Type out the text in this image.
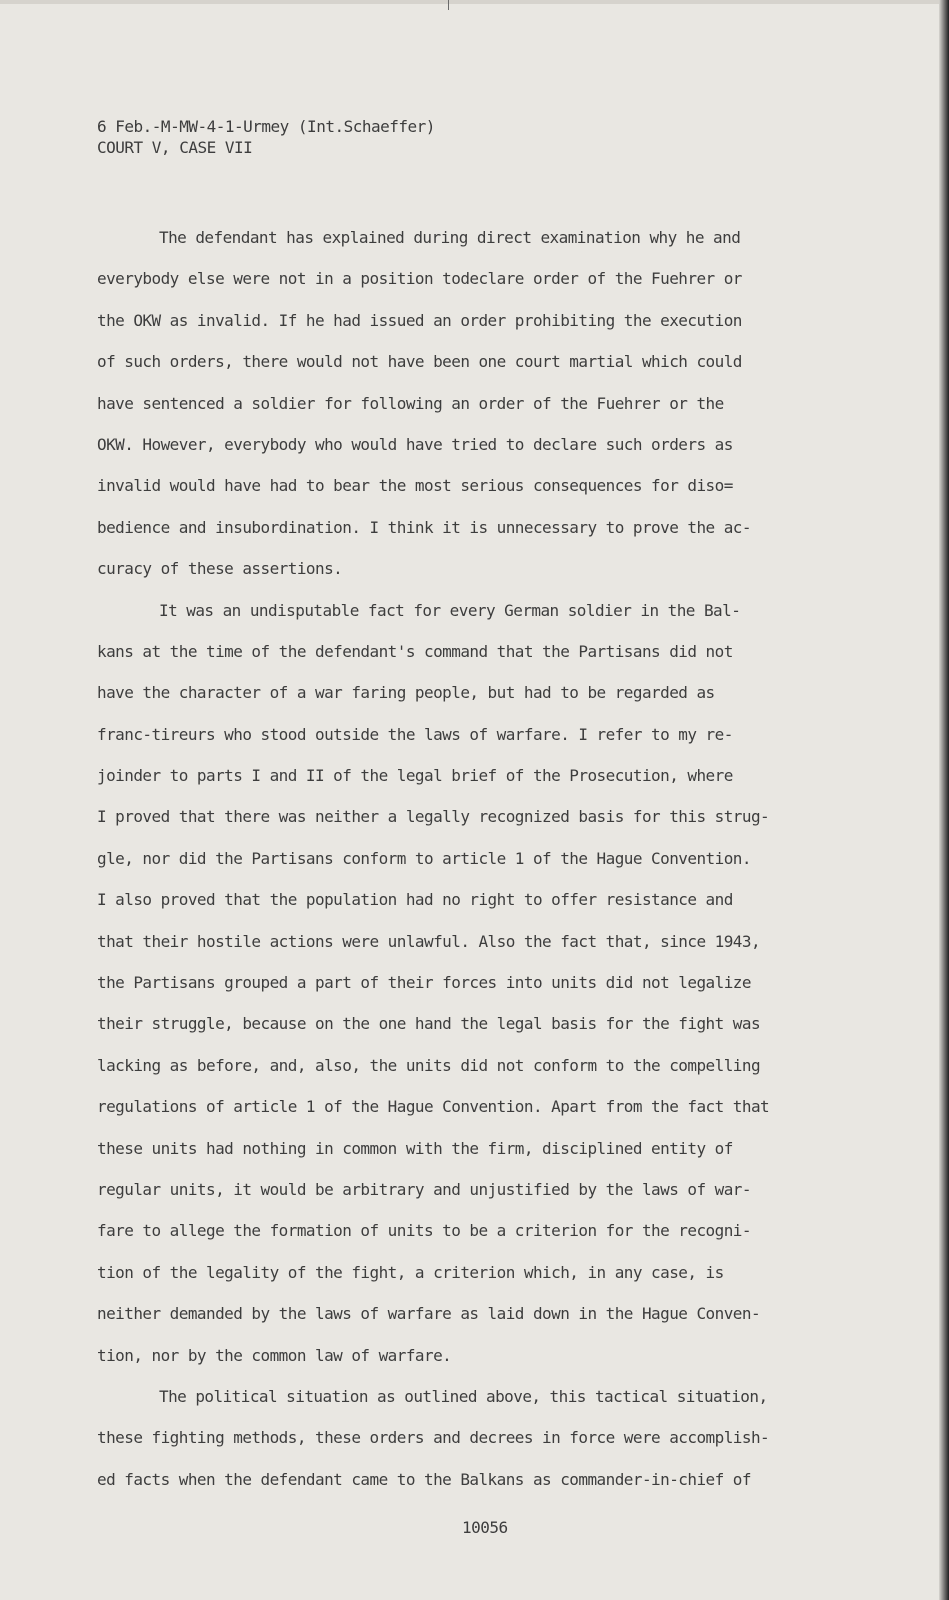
6 Feb.-M-MW-4-1-Urmey (Int.Schaeffer)
COURT V, CASE VII
The defendant has explained during direct examination why he and
everybody else were not in a position todeclare order of the Fuehrer or
the OKW as invalid. If he had issued an order prohibiting the execution
of such orders, there would not have been one court martial which could
have sentenced a soldier for following an order of the Fuehrer or the
OKW. However, everybody who would have tried to declare such orders as
invalid would have had to bear the most serious consequences for diso=
bedience and insubordination. I think it is unnecessary to prove the ac-
curacy of these assertions.
It was an undisputable fact for every German soldier in the Bal-
kans at the time of the defendant's command that the Partisans did not
have the character of a war faring people, but had to be regarded as
franc-tireurs who stood outside the laws of warfare. I refer to my re-
joinder to parts I and II of the legal brief of the Prosecution, where
I proved that there was neither a legally recognized basis for this strug-
gle, nor did the Partisans conform to article 1 of the Hague Convention.
I also proved that the population had no right to offer resistance and
that their hostile actions were unlawful. Also the fact that, since 1943,
the Partisans grouped a part of their forces into units did not legalize
their struggle, because on the one hand the legal basis for the fight was
lacking as before, and, also, the units did not conform to the compelling
regulations of article 1 of the Hague Convention. Apart from the fact that
these units had nothing in common with the firm, disciplined entity of
regular units, it would be arbitrary and unjustified by the laws of war-
fare to allege the formation of units to be a criterion for the recogni-
tion of the legality of the fight, a criterion which, in any case, is
neither demanded by the laws of warfare as laid down in the Hague Conven-
tion, nor by the common law of warfare.
The political situation as outlined above, this tactical situation,
these fighting methods, these orders and decrees in force were accomplish-
ed facts when the defendant came to the Balkans as commander-in-chief of
10056
